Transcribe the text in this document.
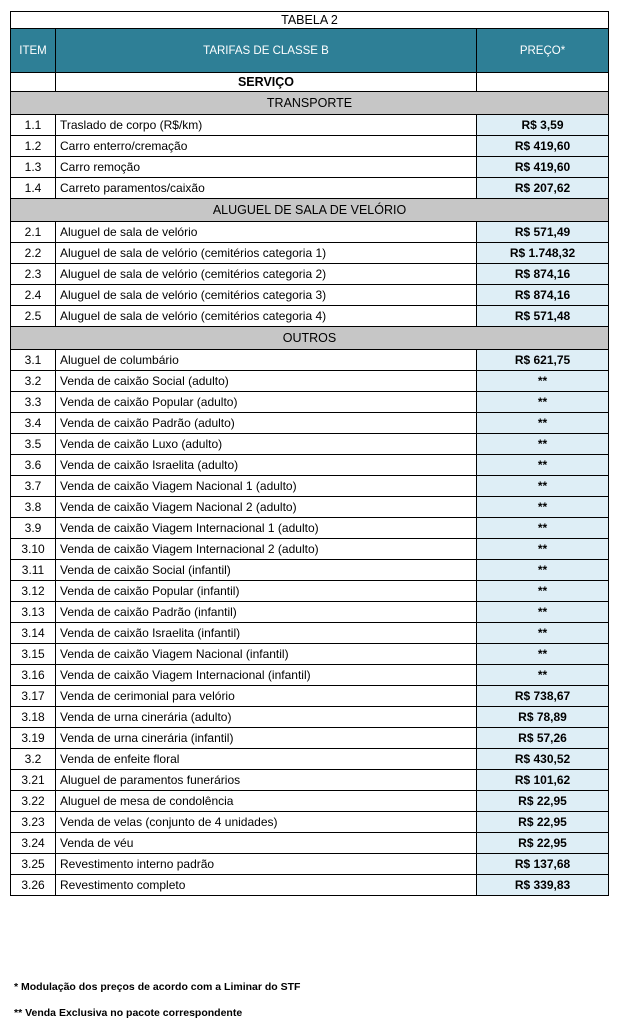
TABELA 2		
ITEM	TARIFAS DE CLASSE B	PREÇO*
	SERVIÇO	
TRANSPORTE		
1.1	Traslado de corpo (R$/km)	R$ 3,59
1.2	Carro enterro/cremação	R$ 419,60
1.3	Carro remoção	R$ 419,60
1.4	Carreto paramentos/caixão	R$ 207,62
ALUGUEL DE SALA DE VELÓRIO		
2.1	Aluguel de sala de velório	R$ 571,49
2.2	Aluguel de sala de velório (cemitérios categoria 1)	R$ 1.748,32
2.3	Aluguel de sala de velório (cemitérios categoria 2)	R$ 874,16
2.4	Aluguel de sala de velório (cemitérios categoria 3)	R$ 874,16
2.5	Aluguel de sala de velório (cemitérios categoria 4)	R$ 571,48
OUTROS		
3.1	Aluguel de columbário	R$ 621,75
3.2	Venda de caixão Social (adulto)	**
3.3	Venda de caixão Popular (adulto)	**
3.4	Venda de caixão Padrão (adulto)	**
3.5	Venda de caixão Luxo (adulto)	**
3.6	Venda de caixão Israelita (adulto)	**
3.7	Venda de caixão Viagem Nacional 1 (adulto)	**
3.8	Venda de caixão Viagem Nacional 2 (adulto)	**
3.9	Venda de caixão Viagem Internacional 1 (adulto)	**
3.10	Venda de caixão Viagem Internacional 2 (adulto)	**
3.11	Venda de caixão Social (infantil)	**
3.12	Venda de caixão Popular (infantil)	**
3.13	Venda de caixão Padrão (infantil)	**
3.14	Venda de caixão Israelita (infantil)	**
3.15	Venda de caixão Viagem Nacional (infantil)	**
3.16	Venda de caixão Viagem Internacional (infantil)	**
3.17	Venda de cerimonial para velório	R$ 738,67
3.18	Venda de urna cinerária (adulto)	R$ 78,89
3.19	Venda de urna cinerária (infantil)	R$ 57,26
3.2	Venda de enfeite floral	R$ 430,52
3.21	Aluguel de paramentos funerários	R$ 101,62
3.22	Aluguel de mesa de condolência	R$ 22,95
3.23	Venda de velas (conjunto de 4 unidades)	R$ 22,95
3.24	Venda de véu	R$ 22,95
3.25	Revestimento interno padrão	R$ 137,68
3.26	Revestimento completo	R$ 339,83
* Modulação dos preços de acordo com a Liminar do STF
** Venda Exclusiva no pacote correspondente
